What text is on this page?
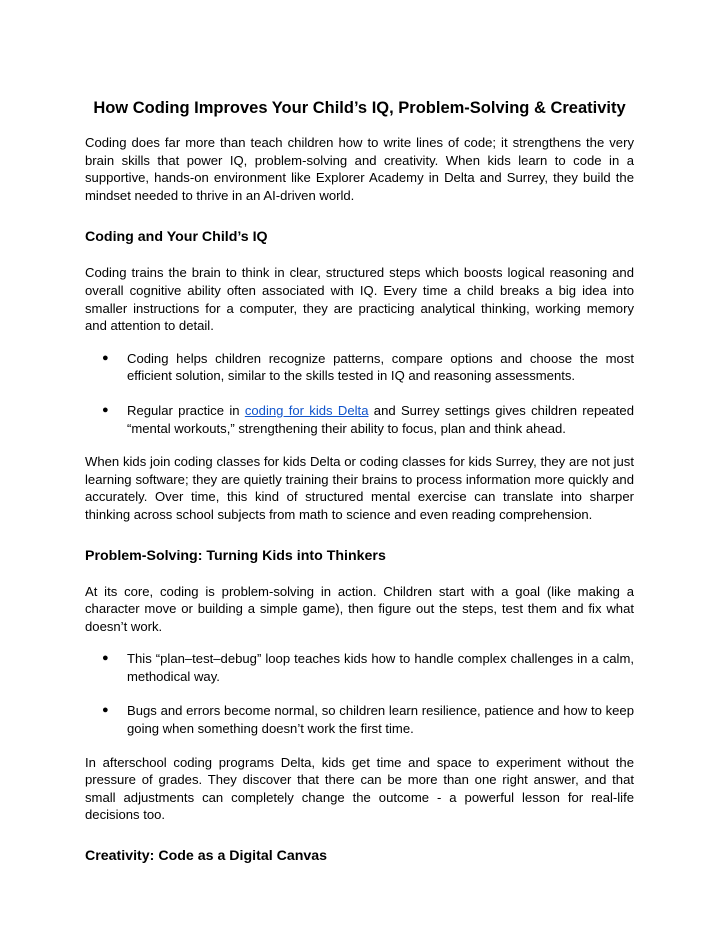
How Coding Improves Your Child’s IQ, Problem-Solving & Creativity

Coding does far more than teach children how to write lines of code; it strengthens the very brain skills that power IQ, problem-solving and creativity. When kids learn to code in a supportive, hands-on environment like Explorer Academy in Delta and Surrey, they build the mindset needed to thrive in an AI-driven world.

Coding and Your Child’s IQ

Coding trains the brain to think in clear, structured steps which boosts logical reasoning and overall cognitive ability often associated with IQ. Every time a child breaks a big idea into smaller instructions for a computer, they are practicing analytical thinking, working memory and attention to detail.

● Coding helps children recognize patterns, compare options and choose the most efficient solution, similar to the skills tested in IQ and reasoning assessments.
● Regular practice in coding for kids Delta and Surrey settings gives children repeated “mental workouts,” strengthening their ability to focus, plan and think ahead.

When kids join coding classes for kids Delta or coding classes for kids Surrey, they are not just learning software; they are quietly training their brains to process information more quickly and accurately. Over time, this kind of structured mental exercise can translate into sharper thinking across school subjects from math to science and even reading comprehension.

Problem-Solving: Turning Kids into Thinkers

At its core, coding is problem-solving in action. Children start with a goal (like making a character move or building a simple game), then figure out the steps, test them and fix what doesn’t work.

● This “plan–test–debug” loop teaches kids how to handle complex challenges in a calm, methodical way.
● Bugs and errors become normal, so children learn resilience, patience and how to keep going when something doesn’t work the first time.

In afterschool coding programs Delta, kids get time and space to experiment without the pressure of grades. They discover that there can be more than one right answer, and that small adjustments can completely change the outcome - a powerful lesson for real-life decisions too.

Creativity: Code as a Digital Canvas
